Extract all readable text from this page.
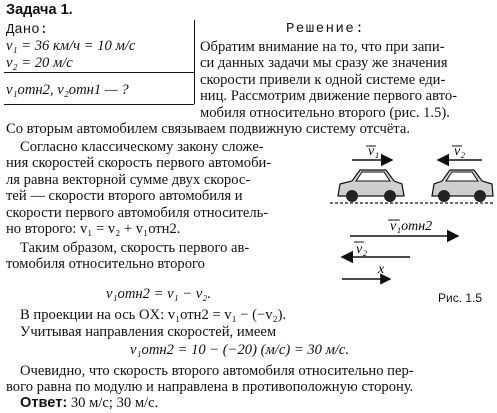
Задача 1.
Дано:
v₁ = 36 км/ч = 10 м/с
v₂ = 20 м/с
v₁отн2, v₂отн1 — ?
Решение:
Обратим внимание на то, что при запи-
си данных задачи мы сразу же значения
скорости привели к одной системе еди-
ниц. Рассмотрим движение первого авто-
мобиля относительно второго (рис. 1.5).
Со вторым автомобилем связываем подвижную систему отсчёта.
Согласно классическому закону сложе-
ния скоростей скорость первого автомоби-
ля равна векторной сумме двух скорос-
тей — скорости второго автомобиля и
скорости первого автомобиля относитель-
но второго: v₁ = v₂ + v₁отн2.
Таким образом, скорость первого ав-
томобиля относительно второго
v₁отн2 = v₁ − v₂.
В проекции на ось OX: v₁отн2 = v₁ − (−v₂).
Учитывая направления скоростей, имеем
v₁отн2 = 10 − (−20) (м/с) = 30 м/с.
Очевидно, что скорость второго автомобиля относительно пер-
вого равна по модулю и направлена в противоположную сторону.
Ответ: 30 м/с; 30 м/с.
v₁	v₂
v₁отн2
v₂
x
Рис. 1.5
